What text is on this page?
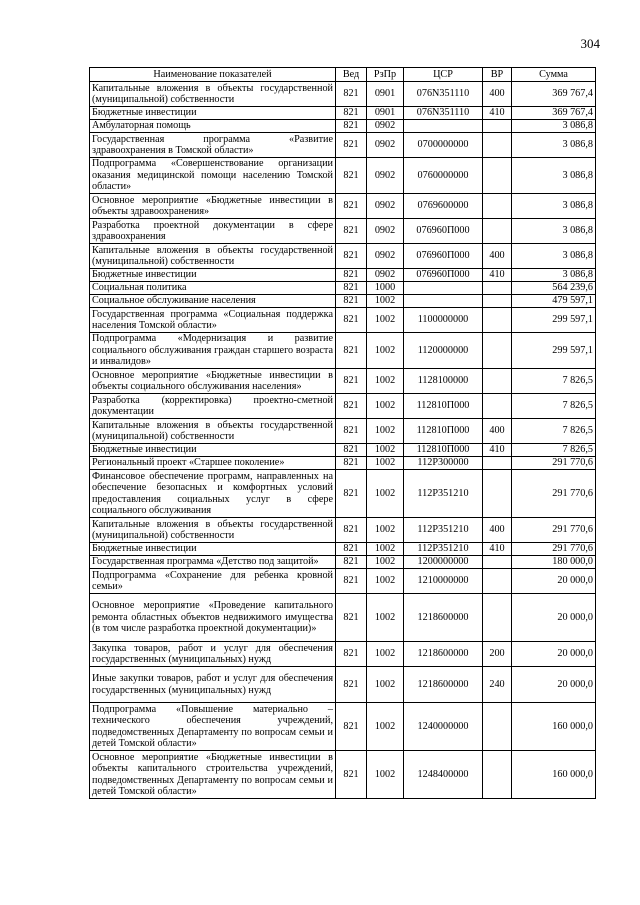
304
Наименование показателей	Вед	РзПр	ЦСР	ВР	Сумма
Капитальные вложения в объекты государственной (муниципальной) собственности	821	0901	076N351110	400	369 767,4
Бюджетные инвестиции	821	0901	076N351110	410	369 767,4
Амбулаторная помощь	821	0902			3 086,8
Государственная программа «Развитие здравоохранения в Томской области»	821	0902	0700000000		3 086,8
Подпрограмма «Совершенствование организации оказания медицинской помощи населению Томской области»	821	0902	0760000000		3 086,8
Основное мероприятие «Бюджетные инвестиции в объекты здравоохранения»	821	0902	0769600000		3 086,8
Разработка проектной документации в сфере здравоохранения	821	0902	076960П000		3 086,8
Капитальные вложения в объекты государственной (муниципальной) собственности	821	0902	076960П000	400	3 086,8
Бюджетные инвестиции	821	0902	076960П000	410	3 086,8
Социальная политика	821	1000			564 239,6
Социальное обслуживание населения	821	1002			479 597,1
Государственная программа «Социальная поддержка населения Томской области»	821	1002	1100000000		299 597,1
Подпрограмма «Модернизация и развитие социального обслуживания граждан старшего возраста и инвалидов»	821	1002	1120000000		299 597,1
Основное мероприятие «Бюджетные инвестиции в объекты социального обслуживания населения»	821	1002	1128100000		7 826,5
Разработка (корректировка) проектно-сметной документации	821	1002	112810П000		7 826,5
Капитальные вложения в объекты государственной (муниципальной) собственности	821	1002	112810П000	400	7 826,5
Бюджетные инвестиции	821	1002	112810П000	410	7 826,5
Региональный проект «Старшее поколение»	821	1002	112P300000		291 770,6
Финансовое обеспечение программ, направленных на обеспечение безопасных и комфортных условий предоставления социальных услуг в сфере социального обслуживания	821	1002	112P351210		291 770,6
Капитальные вложения в объекты государственной (муниципальной) собственности	821	1002	112P351210	400	291 770,6
Бюджетные инвестиции	821	1002	112P351210	410	291 770,6
Государственная программа «Детство под защитой»	821	1002	1200000000		180 000,0
Подпрограмма «Сохранение для ребенка кровной семьи»	821	1002	1210000000		20 000,0
Основное мероприятие «Проведение капитального ремонта областных объектов недвижимого имущества (в том числе разработка проектной документации)»	821	1002	1218600000		20 000,0
Закупка товаров, работ и услуг для обеспечения государственных (муниципальных) нужд	821	1002	1218600000	200	20 000,0
Иные закупки товаров, работ и услуг для обеспечения государственных (муниципальных) нужд	821	1002	1218600000	240	20 000,0
Подпрограмма «Повышение материально – технического обеспечения учреждений, подведомственных Департаменту по вопросам семьи и детей Томской области»	821	1002	1240000000		160 000,0
Основное мероприятие «Бюджетные инвестиции в объекты капитального строительства учреждений, подведомственных Департаменту по вопросам семьи и детей Томской области»	821	1002	1248400000		160 000,0
